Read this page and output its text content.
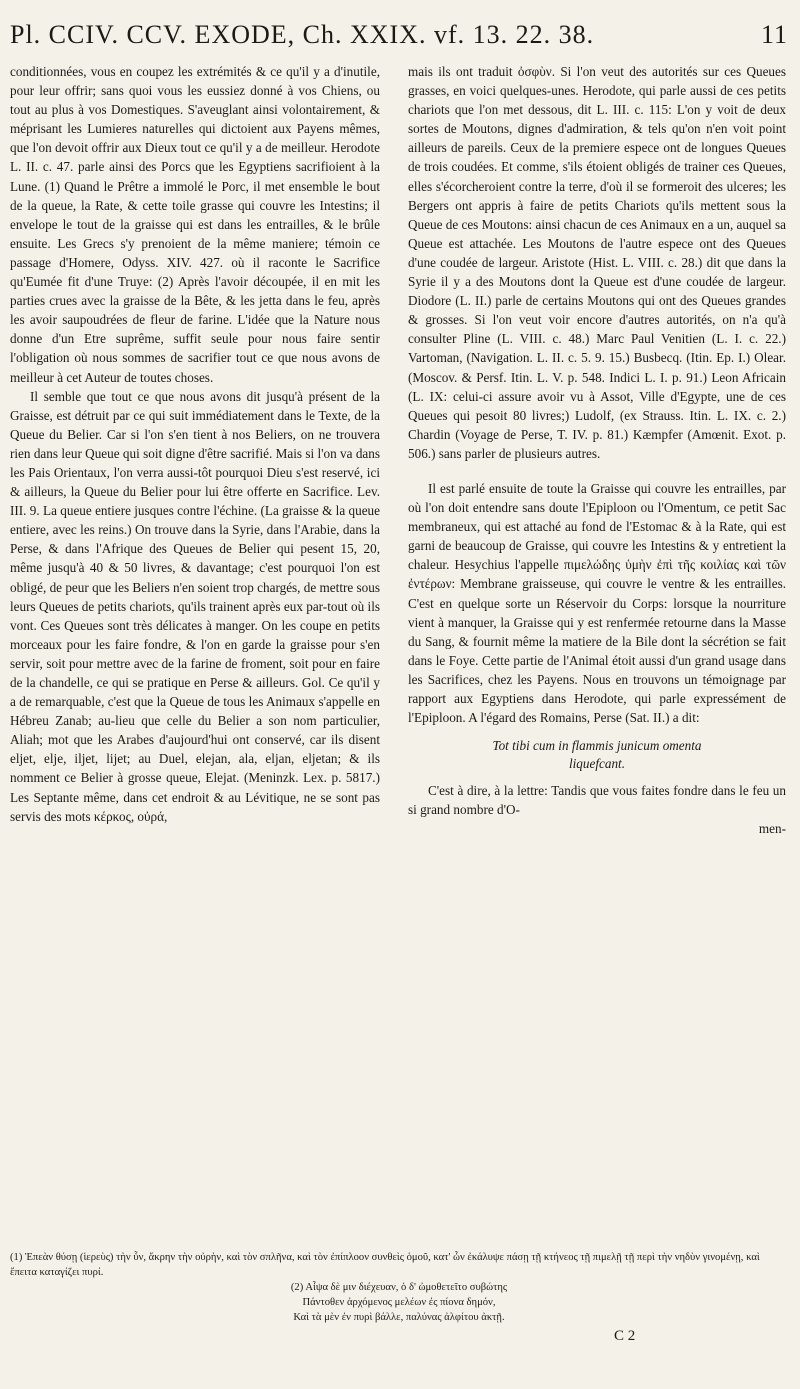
Pl. CCIV. CCV. EXODE, Ch. XXIX. vf. 13. 22. 38.	11

conditionnées, vous en coupez les extrémités & ce qu'il y a d'inutile, pour leur offrir; sans quoi vous les eussiez donné à vos Chiens, ou tout au plus à vos Domestiques. S'aveuglant ainsi volontairement, & méprisant les Lumieres naturelles qui dictoient aux Payens mêmes, que l'on devoit offrir aux Dieux tout ce qu'il y a de meilleur. Herodote L. II. c. 47. parle ainsi des Porcs que les Egyptiens sacrifioient à la Lune. (1) Quand le Prêtre a immolé le Porc, il met ensemble le bout de la queue, la Rate, & cette toile grasse qui couvre les Intestins; il envelope le tout de la graisse qui est dans les entrailles, & le brûle ensuite. Les Grecs s'y prenoient de la même maniere; témoin ce passage d'Homere, Odyss. XIV. 427. où il raconte le Sacrifice qu'Eumée fit d'une Truye: (2) Après l'avoir découpée, il en mit les parties crues avec la graisse de la Bête, & les jetta dans le feu, après les avoir saupoudrées de fleur de farine. L'idée que la Nature nous donne d'un Etre suprême, suffit seule pour nous faire sentir l'obligation où nous sommes de sacrifier tout ce que nous avons de meilleur à cet Auteur de toutes choses.

Il semble que tout ce que nous avons dit jusqu'à présent de la Graisse, est détruit par ce qui suit immédiatement dans le Texte, de la Queue du Belier. Car si l'on s'en tient à nos Beliers, on ne trouvera rien dans leur Queue qui soit digne d'être sacrifié. Mais si l'on va dans les Pais Orientaux, l'on verra aussi-tôt pourquoi Dieu s'est reservé, ici & ailleurs, la Queue du Belier pour lui être offerte en Sacrifice. Lev. III. 9. La queue entiere jusques contre l'échine. (La graisse & la queue entiere, avec les reins.) On trouve dans la Syrie, dans l'Arabie, dans la Perse, & dans l'Afrique des Queues de Belier qui pesent 15, 20, même jusqu'à 40 & 50 livres, & davantage; c'est pourquoi l'on est obligé, de peur que les Beliers n'en soient trop chargés, de mettre sous leurs Queues de petits chariots, qu'ils trainent après eux par-tout où ils vont. Ces Queues sont très délicates à manger. On les coupe en petits morceaux pour les faire fondre, & l'on en garde la graisse pour s'en servir, soit pour mettre avec de la farine de froment, soit pour en faire de la chandelle, ce qui se pratique en Perse & ailleurs. Gol. Ce qu'il y a de remarquable, c'est que la Queue de tous les Animaux s'appelle en Hébreu Zanab; au-lieu que celle du Belier a son nom particulier, Aliah; mot que les Arabes d'aujourd'hui ont conservé, car ils disent eljet, elje, iljet, lijet; au Duel, elejan, ala, eljan, eljetan; & ils nomment ce Belier à grosse queue, Elejat. (Meninzk. Lex. p. 5817.) Les Septante même, dans cet endroit & au Lévitique, ne se sont pas servis des mots κέρκος, οὐρά,

mais ils ont traduit ὀσφὺν. Si l'on veut des autorités sur ces Queues grasses, en voici quelques-unes. Herodote, qui parle aussi de ces petits chariots que l'on met dessous, dit L. III. c. 115: L'on y voit de deux sortes de Moutons, dignes d'admiration, & tels qu'on n'en voit point ailleurs de pareils. Ceux de la premiere espece ont de longues Queues de trois coudées. Et comme, s'ils étoient obligés de trainer ces Queues, elles s'écorcheroient contre la terre, d'où il se formeroit des ulceres; les Bergers ont appris à faire de petits Chariots qu'ils mettent sous la Queue de ces Moutons: ainsi chacun de ces Animaux en a un, auquel sa Queue est attachée. Les Moutons de l'autre espece ont des Queues d'une coudée de largeur. Aristote (Hist. L. VIII. c. 28.) dit que dans la Syrie il y a des Moutons dont la Queue est d'une coudée de largeur. Diodore (L. II.) parle de certains Moutons qui ont des Queues grandes & grosses. Si l'on veut voir encore d'autres autorités, on n'a qu'à consulter Pline (L. VIII. c. 48.) Marc Paul Venitien (L. I. c. 22.) Vartoman, (Navigation. L. II. c. 5. 9. 15.) Busbecq. (Itin. Ep. I.) Olear. (Moscov. & Persf. Itin. L. V. p. 548. Indici L. I. p. 91.) Leon Africain (L. IX: celui-ci assure avoir vu à Assot, Ville d'Egypte, une de ces Queues qui pesoit 80 livres;) Ludolf, (ex Strauss. Itin. L. IX. c. 2.) Chardin (Voyage de Perse, T. IV. p. 81.) Kæmpfer (Amœnit. Exot. p. 506.) sans parler de plusieurs autres.

Il est parlé ensuite de toute la Graisse qui couvre les entrailles, par où l'on doit entendre sans doute l'Epiploon ou l'Omentum, ce petit Sac membraneux, qui est attaché au fond de l'Estomac & à la Rate, qui est garni de beaucoup de Graisse, qui couvre les Intestins & y entretient la chaleur. Hesychius l'appelle πιμελώδης ὑμὴν ἐπὶ τῆς κοιλίας καὶ τῶν ἐντέρων: Membrane graisseuse, qui couvre le ventre & les entrailles. C'est en quelque sorte un Réservoir du Corps: lorsque la nourriture vient à manquer, la Graisse qui y est renfermée retourne dans la Masse du Sang, & fournit même la matiere de la Bile dont la sécrétion se fait dans le Foye. Cette partie de l'Animal étoit aussi d'un grand usage dans les Sacrifices, chez les Payens. Nous en trouvons un témoignage par rapport aux Egyptiens dans Herodote, qui parle expressément de l'Epiploon. A l'égard des Romains, Perse (Sat. II.) a dit:

Tot tibi cum in flammis junicum omenta
liquefcant.

C'est à dire, à la lettre: Tandis que vous faites fondre dans le feu un si grand nombre d'O-

men-
(1) Ἐπεὰν θύσῃ (ἱερεὺς) τὴν ὗν, ἄκρην τὴν οὐρὴν, καὶ τὸν σπλῆνα, καὶ τὸν ἐπίπλοον συνθεὶς ὁμοῦ, κατ' ὧν ἐκάλυψε πάσῃ τῇ κτήνεος τῇ πιμελῇ τῇ περὶ τὴν νηδὺν γινομένῃ, καὶ ἔπειτα καταγίζει πυρί.
(2) Αἶψα δὲ μιν διέχευαν, ὁ δ' ὠμοθετεῖτο συβώτης
Πάντοθεν ἀρχόμενος μελέων ἐς πίονα δημόν,
Καὶ τὰ μὲν ἐν πυρὶ βάλλε, παλύνας ἀλφίτου ἀκτῇ.
C 2
